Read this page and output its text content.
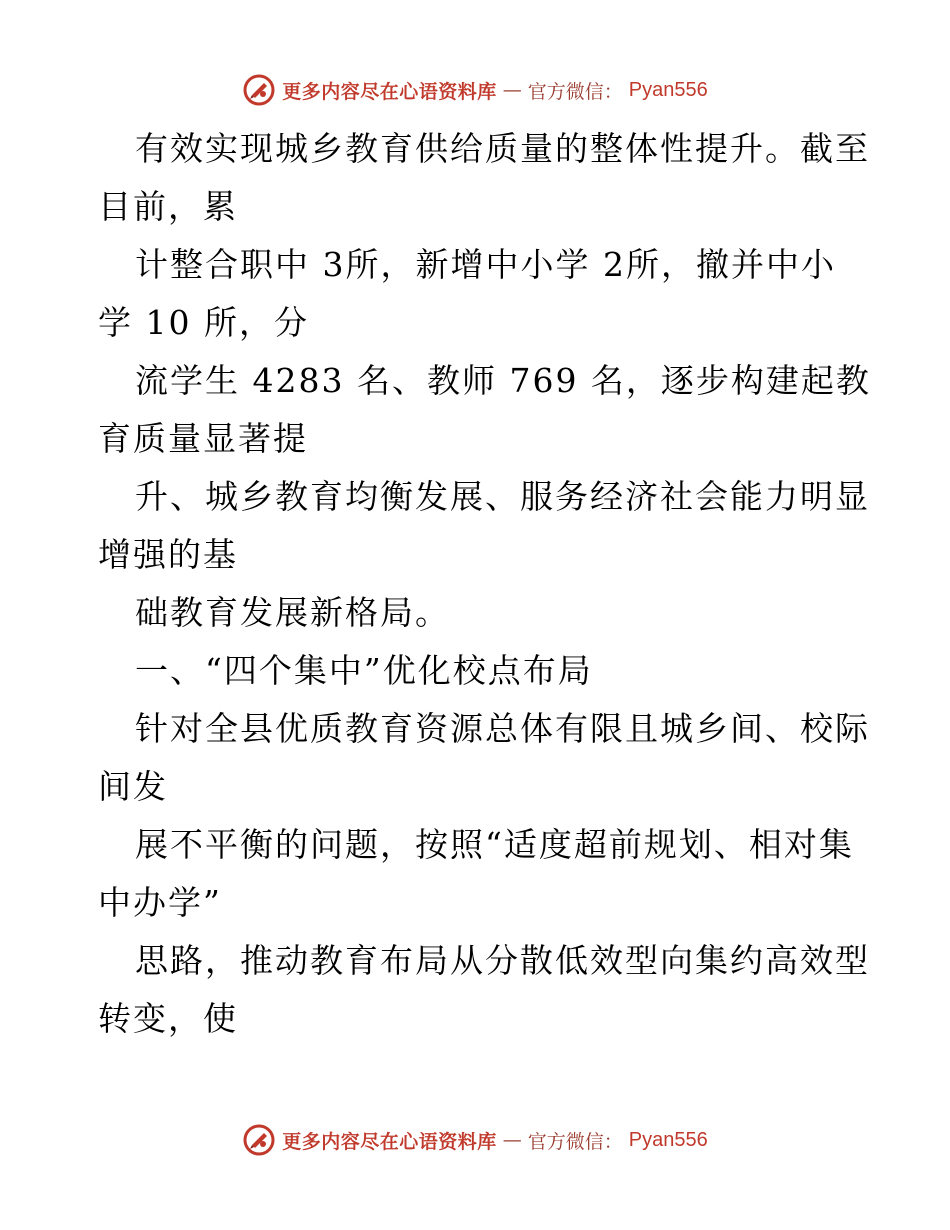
更多内容尽在心语资料库 — 官方微信： Pyan556
有效实现城乡教育供给质量的整体性提升。截至
目前，累
计整合职中 3所，新增中小学 2所，撤并中小
学 10 所，分
流学生 4283 名、教师 769 名，逐步构建起教
育质量显著提
升、城乡教育均衡发展、服务经济社会能力明显
增强的基
础教育发展新格局。
一、“四个集中”优化校点布局
针对全县优质教育资源总体有限且城乡间、校际
间发
展不平衡的问题，按照“适度超前规划、相对集
中办学”
思路，推动教育布局从分散低效型向集约高效型
转变，使
更多内容尽在心语资料库 — 官方微信： Pyan556
